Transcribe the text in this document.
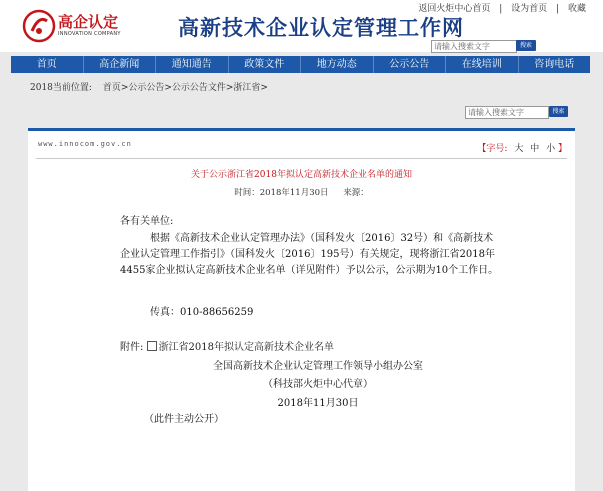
高企认定
INNOVATION COMPANY	高新技术企业认定管理工作网
返回火炬中心首页 | 设为首页 | 收藏
请输入搜索文字	搜索
首页	高企新闻	通知通告	政策文件	地方动态	公示公告	在线培训	咨询电话
2018当前位置: 首页>公示公告>公示公告文件>浙江省>
请输入搜索文字	搜索
www.innocom.gov.cn	【字号: 大 中 小 】
关于公示浙江省2018年拟认定高新技术企业名单的通知
时间：2018年11月30日 来源：
各有关单位:
根据《高新技术企业认定管理办法》（国科发火〔2016〕32号）和《高新技术企业认定管理工作指引》（国科发火〔2016〕195号）有关规定，现将浙江省2018年4455家企业拟认定高新技术企业名单（详见附件）予以公示，公示期为10个工作日。
传真：010-88656259
附件: 浙江省2018年拟认定高新技术企业名单
全国高新技术企业认定管理工作领导小组办公室
（科技部火炬中心代章）
2018年11月30日
（此件主动公开）
